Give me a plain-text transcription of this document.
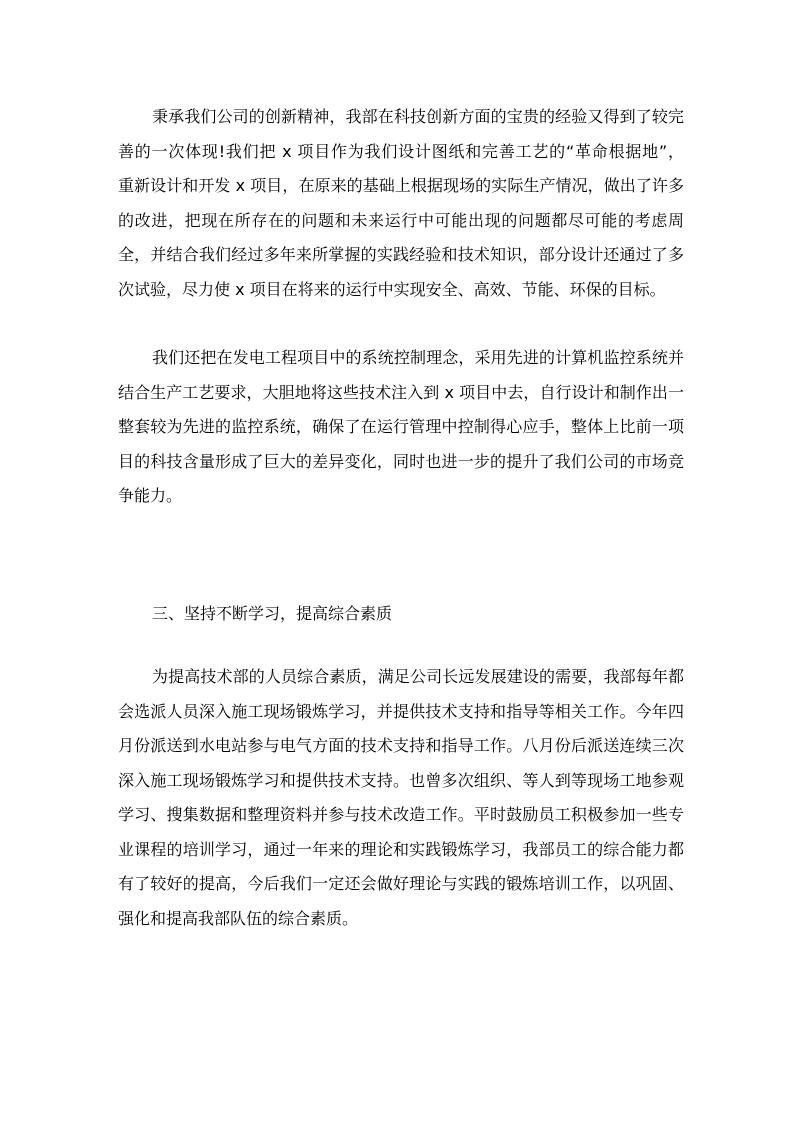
秉承我们公司的创新精神，我部在科技创新方面的宝贵的经验又得到了较完
善的一次体现!我们把 x 项目作为我们设计图纸和完善工艺的“革命根据地”，
重新设计和开发 x 项目，在原来的基础上根据现场的实际生产情况，做出了许多
的改进，把现在所存在的问题和未来运行中可能出现的问题都尽可能的考虑周
全，并结合我们经过多年来所掌握的实践经验和技术知识，部分设计还通过了多
次试验，尽力使 x 项目在将来的运行中实现安全、高效、节能、环保的目标。
我们还把在发电工程项目中的系统控制理念，采用先进的计算机监控系统并
结合生产工艺要求，大胆地将这些技术注入到 x 项目中去，自行设计和制作出一
整套较为先进的监控系统，确保了在运行管理中控制得心应手，整体上比前一项
目的科技含量形成了巨大的差异变化，同时也进一步的提升了我们公司的市场竞
争能力。
三、坚持不断学习，提高综合素质
为提高技术部的人员综合素质，满足公司长远发展建设的需要，我部每年都
会选派人员深入施工现场锻炼学习，并提供技术支持和指导等相关工作。今年四
月份派送到水电站参与电气方面的技术支持和指导工作。八月份后派送连续三次
深入施工现场锻炼学习和提供技术支持。也曾多次组织、等人到等现场工地参观
学习、搜集数据和整理资料并参与技术改造工作。平时鼓励员工积极参加一些专
业课程的培训学习，通过一年来的理论和实践锻炼学习，我部员工的综合能力都
有了较好的提高，今后我们一定还会做好理论与实践的锻炼培训工作，以巩固、
强化和提高我部队伍的综合素质。
